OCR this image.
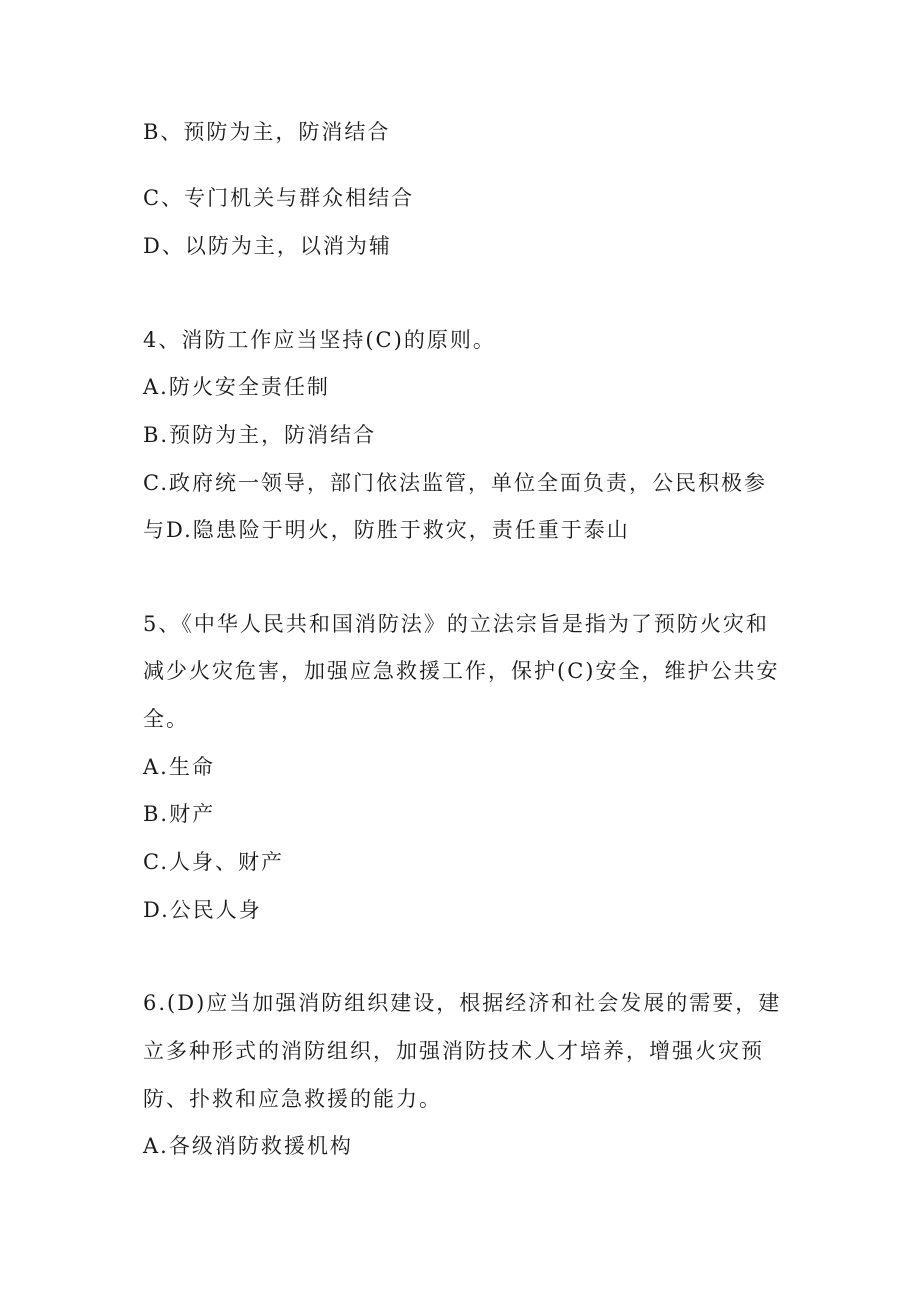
B、预防为主，防消结合
C、专门机关与群众相结合
D、以防为主，以消为辅
4、消防工作应当坚持(C)的原则。
A.防火安全责任制
B.预防为主，防消结合
C.政府统一领导，部门依法监管，单位全面负责，公民积极参
与D.隐患险于明火，防胜于救灾，责任重于泰山
5、《中华人民共和国消防法》的立法宗旨是指为了预防火灾和
减少火灾危害，加强应急救援工作，保护(C)安全，维护公共安
全。
A.生命
B.财产
C.人身、财产
D.公民人身
6.(D)应当加强消防组织建设，根据经济和社会发展的需要，建
立多种形式的消防组织，加强消防技术人才培养，增强火灾预
防、扑救和应急救援的能力。
A.各级消防救援机构
